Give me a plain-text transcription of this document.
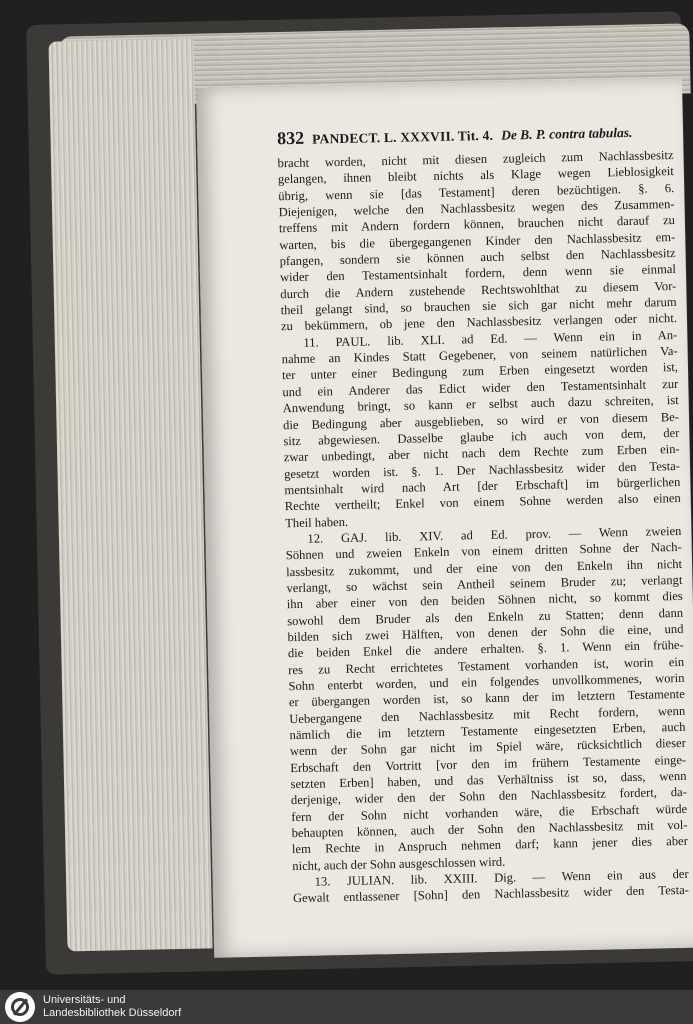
832 PANDECT. L. XXXVII. Tit. 4. De B. P. contra tabulas.
bracht worden, nicht mit diesen zugleich zum Nachlassbesitz
gelangen, ihnen bleibt nichts als Klage wegen Lieblosigkeit
übrig, wenn sie [das Testament] deren bezüchtigen. §. 6.
Diejenigen, welche den Nachlassbesitz wegen des Zusammen-
treffens mit Andern fordern können, brauchen nicht darauf zu
warten, bis die übergegangenen Kinder den Nachlassbesitz em-
pfangen, sondern sie können auch selbst den Nachlassbesitz
wider den Testamentsinhalt fordern, denn wenn sie einmal
durch die Andern zustehende Rechtswohlthat zu diesem Vor-
theil gelangt sind, so brauchen sie sich gar nicht mehr darum
zu bekümmern, ob jene den Nachlassbesitz verlangen oder nicht.
11. PAUL. lib. XLI. ad Ed. — Wenn ein in An-
nahme an Kindes Statt Gegebener, von seinem natürlichen Va-
ter unter einer Bedingung zum Erben eingesetzt worden ist,
und ein Anderer das Edict wider den Testamentsinhalt zur
Anwendung bringt, so kann er selbst auch dazu schreiten, ist
die Bedingung aber ausgeblieben, so wird er von diesem Be-
sitz abgewiesen. Dasselbe glaube ich auch von dem, der
zwar unbedingt, aber nicht nach dem Rechte zum Erben ein-
gesetzt worden ist. §. 1. Der Nachlassbesitz wider den Testa-
mentsinhalt wird nach Art [der Erbschaft] im bürgerlichen
Rechte vertheilt; Enkel von einem Sohne werden also einen
Theil haben.
12. GAJ. lib. XIV. ad Ed. prov. — Wenn zweien
Söhnen und zweien Enkeln von einem dritten Sohne der Nach-
lassbesitz zukommt, und der eine von den Enkeln ihn nicht
verlangt, so wächst sein Antheil seinem Bruder zu; verlangt
ihn aber einer von den beiden Söhnen nicht, so kommt dies
sowohl dem Bruder als den Enkeln zu Statten; denn dann
bilden sich zwei Hälften, von denen der Sohn die eine, und
die beiden Enkel die andere erhalten. §. 1. Wenn ein frühe-
res zu Recht errichtetes Testament vorhanden ist, worin ein
Sohn enterbt worden, und ein folgendes unvollkommenes, worin
er übergangen worden ist, so kann der im letztern Testamente
Uebergangene den Nachlassbesitz mit Recht fordern, wenn
nämlich die im letztern Testamente eingesetzten Erben, auch
wenn der Sohn gar nicht im Spiel wäre, rücksichtlich dieser
Erbschaft den Vortritt [vor den im frühern Testamente einge-
setzten Erben] haben, und das Verhältniss ist so, dass, wenn
derjenige, wider den der Sohn den Nachlassbesitz fordert, da-
fern der Sohn nicht vorhanden wäre, die Erbschaft würde
behaupten können, auch der Sohn den Nachlassbesitz mit vol-
lem Rechte in Anspruch nehmen darf; kann jener dies aber
nicht, auch der Sohn ausgeschlossen wird.
13. JULIAN. lib. XXIII. Dig. — Wenn ein aus der
Gewalt entlassener [Sohn] den Nachlassbesitz wider den Testa-
Universitäts- und
Landesbibliothek Düsseldorf
